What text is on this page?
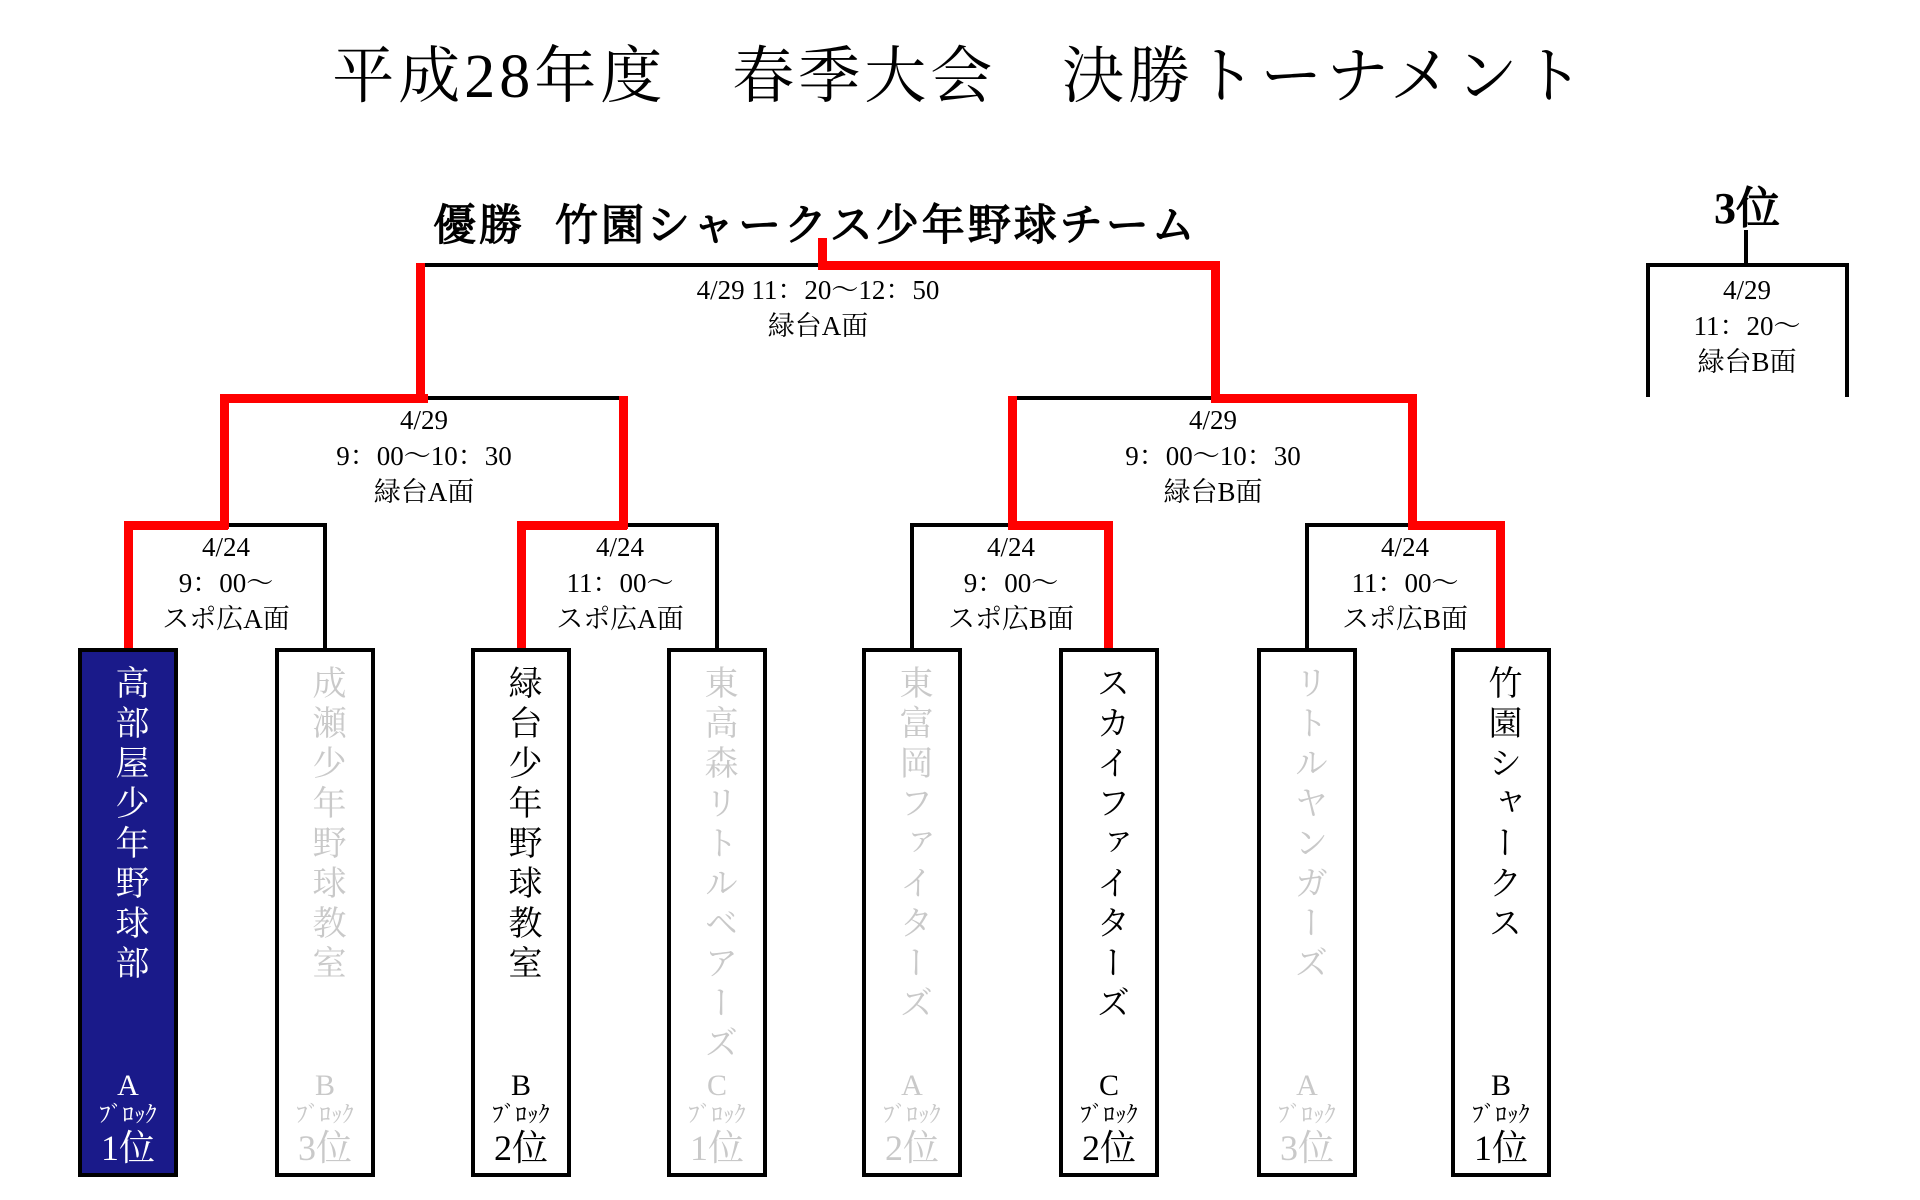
平成28年度　春季大会　決勝トーナメント
優勝 竹園シャークス少年野球チーム	3位
4/29 11：20～12：50
緑台A面
4/29
11：20～
緑台B面
4/29
9：00～10：30
緑台A面
4/29
9：00～10：30
緑台B面
4/24
9：00～
スポ広A面
4/24
11：00～
スポ広A面
4/24
9：00～
スポ広B面
4/24
11：00～
スポ広B面
高部屋少年野球部
A
ﾌﾞﾛｯｸ
1位
成瀬少年野球教室
B
ﾌﾞﾛｯｸ
3位
緑台少年野球教室
B
ﾌﾞﾛｯｸ
2位
東高森リトルベアーズ
C
ﾌﾞﾛｯｸ
1位
東富岡ファイターズ
A
ﾌﾞﾛｯｸ
2位
スカイファイターズ
C
ﾌﾞﾛｯｸ
2位
リトルヤンガーズ
A
ﾌﾞﾛｯｸ
3位
竹園シャークス
B
ﾌﾞﾛｯｸ
1位
